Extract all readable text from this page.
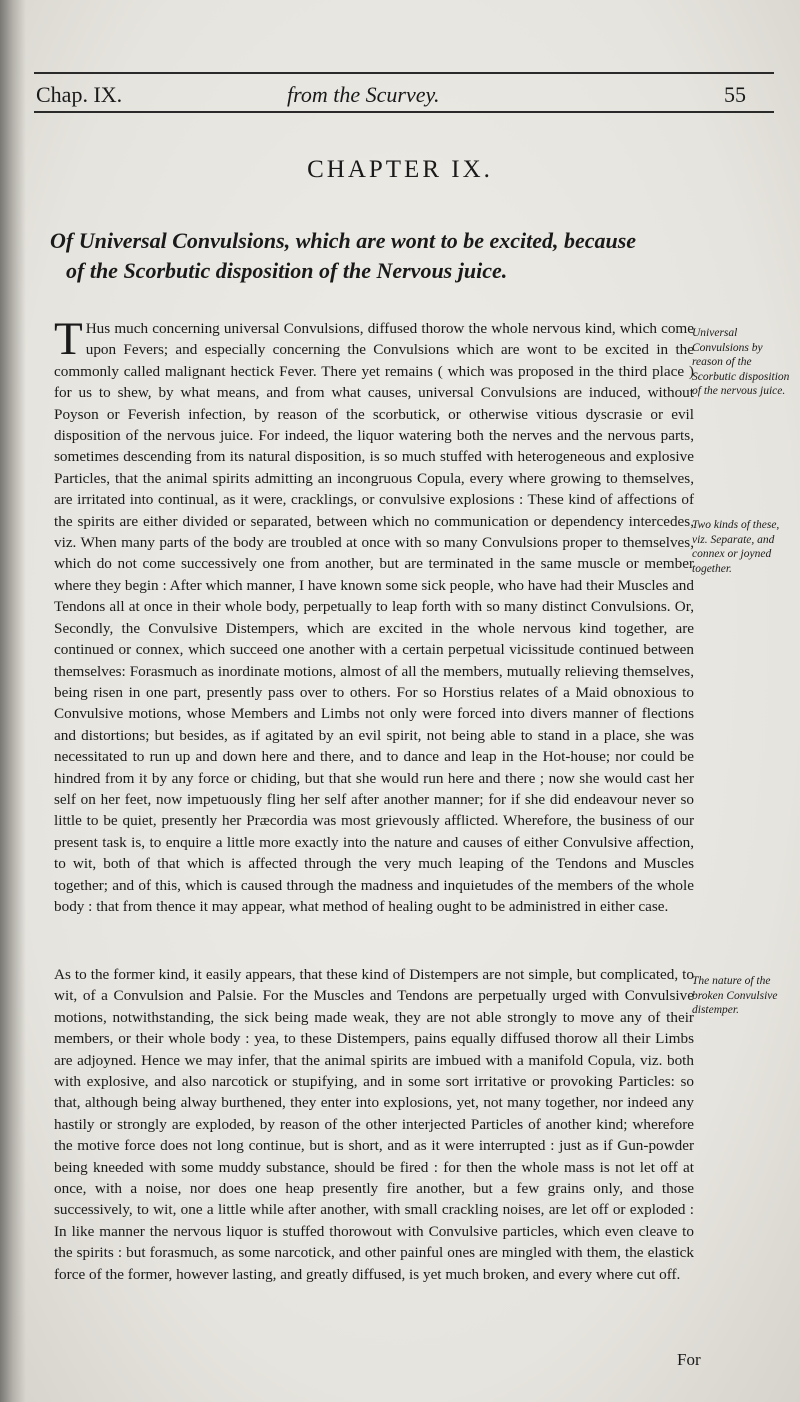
Chap. IX.	from the Scurvey.	55
CHAPTER IX.
Of Universal Convulsions, which are wont to be excited, because
of the Scorbutic disposition of the Nervous juice.
THus much concerning universal Convulsions, diffused thorow the whole nervous kind, which come upon Fevers; and especially concerning the Convulsions which are wont to be excited in the commonly called malignant hectick Fever. There yet remains ( which was proposed in the third place ) for us to shew, by what means, and from what causes, universal Convulsions are induced, without Poyson or Feverish infection, by reason of the scorbutick, or otherwise vitious dyscrasie or evil disposition of the nervous juice. For indeed, the liquor watering both the nerves and the nervous parts, sometimes descending from its natural disposition, is so much stuffed with heterogeneous and explosive Particles, that the animal spirits admitting an incongruous Copula, every where growing to themselves, are irritated into continual, as it were, cracklings, or convulsive explosions : These kind of affections of the spirits are either divided or separated, between which no communication or dependency intercedes, viz. When many parts of the body are troubled at once with so many Convulsions proper to themselves, which do not come successively one from another, but are terminated in the same muscle or member where they begin : After which manner, I have known some sick people, who have had their Muscles and Tendons all at once in their whole body, perpetually to leap forth with so many distinct Convulsions. Or, Secondly, the Convulsive Distempers, which are excited in the whole nervous kind together, are continued or connex, which succeed one another with a certain perpetual vicissitude continued between themselves: Forasmuch as inordinate motions, almost of all the members, mutually relieving themselves, being risen in one part, presently pass over to others. For so Horstius relates of a Maid obnoxious to Convulsive motions, whose Members and Limbs not only were forced into divers manner of flections and distortions; but besides, as if agitated by an evil spirit, not being able to stand in a place, she was necessitated to run up and down here and there, and to dance and leap in the Hot-house; nor could be hindred from it by any force or chiding, but that she would run here and there ; now she would cast her self on her feet, now impetuously fling her self after another manner; for if she did endeavour never so little to be quiet, presently her Præcordia was most grievously afflicted. Wherefore, the business of our present task is, to enquire a little more exactly into the nature and causes of either Convulsive affection, to wit, both of that which is affected through the very much leaping of the Tendons and Muscles together; and of this, which is caused through the madness and inquietudes of the members of the whole body : that from thence it may appear, what method of healing ought to be administred in either case.
As to the former kind, it easily appears, that these kind of Distempers are not simple, but complicated, to wit, of a Convulsion and Palsie. For the Muscles and Tendons are perpetually urged with Convulsive motions, notwithstanding, the sick being made weak, they are not able strongly to move any of their members, or their whole body : yea, to these Distempers, pains equally diffused thorow all their Limbs are adjoyned. Hence we may infer, that the animal spirits are imbued with a manifold Copula, viz. both with explosive, and also narcotick or stupifying, and in some sort irritative or provoking Particles: so that, although being alway burthened, they enter into explosions, yet, not many together, nor indeed any hastily or strongly are exploded, by reason of the other interjected Particles of another kind; wherefore the motive force does not long continue, but is short, and as it were interrupted : just as if Gun-powder being kneeded with some muddy substance, should be fired : for then the whole mass is not let off at once, with a noise, nor does one heap presently fire another, but a few grains only, and those successively, to wit, one a little while after another, with small crackling noises, are let off or exploded : In like manner the nervous liquor is stuffed thorowout with Convulsive particles, which even cleave to the spirits : but forasmuch, as some narcotick, and other painful ones are mingled with them, the elastick force of the former, however lasting, and greatly diffused, is yet much broken, and every where cut off.
Universal Convulsions by reason of the Scorbutic disposition of the nervous juice.
Two kinds of these, viz. Separate, and connex or joyned together.
The nature of the broken Convulsive distemper.
For
